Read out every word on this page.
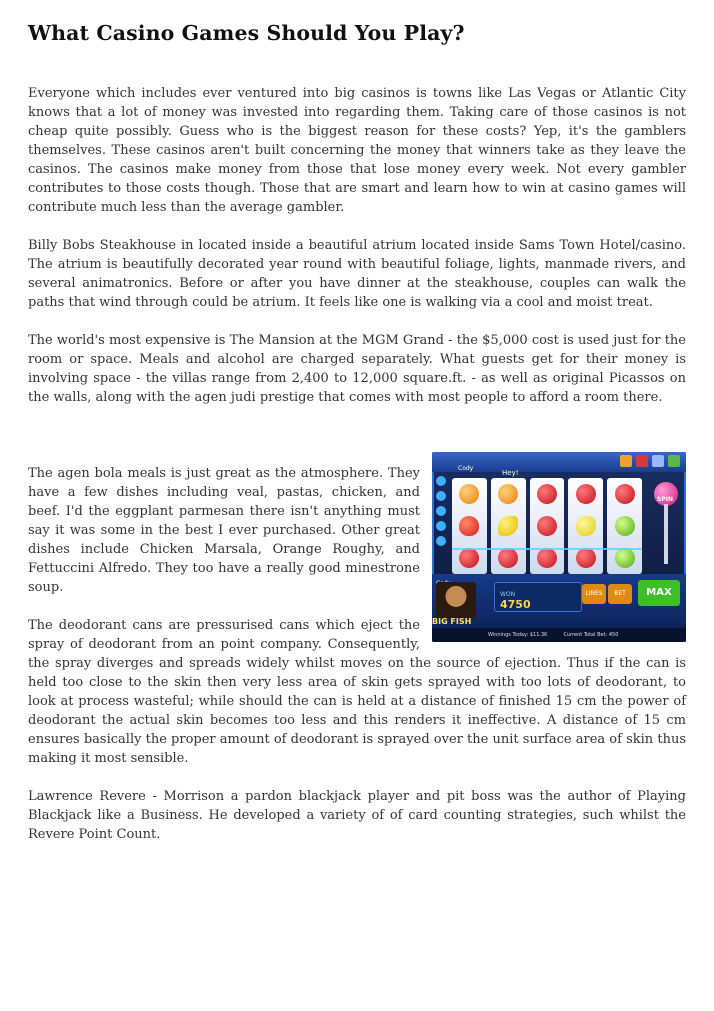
What Casino Games Should You Play?

Everyone which includes ever ventured into big casinos is towns like Las Vegas or Atlantic City knows that a lot of money was invested into regarding them. Taking care of those casinos is not cheap quite possibly. Guess who is the biggest reason for these costs? Yep, it's the gamblers themselves. These casinos aren't built concerning the money that winners take as they leave the casinos. The casinos make money from those that lose money every week. Not every gambler contributes to those costs though. Those that are smart and learn how to win at casino games will contribute much less than the average gambler.

Billy Bobs Steakhouse in located inside a beautiful atrium located inside Sams Town Hotel/casino. The atrium is beautifully decorated year round with beautiful foliage, lights, manmade rivers, and several animatronics. Before or after you have dinner at the steakhouse, couples can walk the paths that wind through could be atrium. It feels like one is walking via a cool and moist treat.

The world's most expensive is The Mansion at the MGM Grand - the $5,000 cost is used just for the room or space. Meals and alcohol are charged separately. What guests get for their money is involving space - the villas range from 2,400 to 12,000 square.ft. - as well as original Picassos on the walls, along with the agen judi prestige that comes with most people to afford a room there.

Cody
Hey!
SPIN
BIG FISH
WON
4750
LINES	BET	MAX
Winnings Today: $11.3K	Current Total Bet: 450

The agen bola meals is just great as the atmosphere. They have a few dishes including veal, pastas, chicken, and beef. I'd the eggplant parmesan there isn't anything must say it was some in the best I ever purchased. Other great dishes include Chicken Marsala, Orange Roughy, and Fettuccini Alfredo. They too have a really good minestrone soup.

The deodorant cans are pressurised cans which eject the spray of deodorant from an point company. Consequently, the spray diverges and spreads widely whilst moves on the source of ejection. Thus if the can is held too close to the skin then very less area of skin gets sprayed with too lots of deodorant, to look at process wasteful; while should the can is held at a distance of finished 15 cm the power of deodorant the actual skin becomes too less and this renders it ineffective. A distance of 15 cm ensures basically the proper amount of deodorant is sprayed over the unit surface area of skin thus making it most sensible.

Lawrence Revere - Morrison a pardon blackjack player and pit boss was the author of Playing Blackjack like a Business. He developed a variety of of card counting strategies, such whilst the Revere Point Count.
